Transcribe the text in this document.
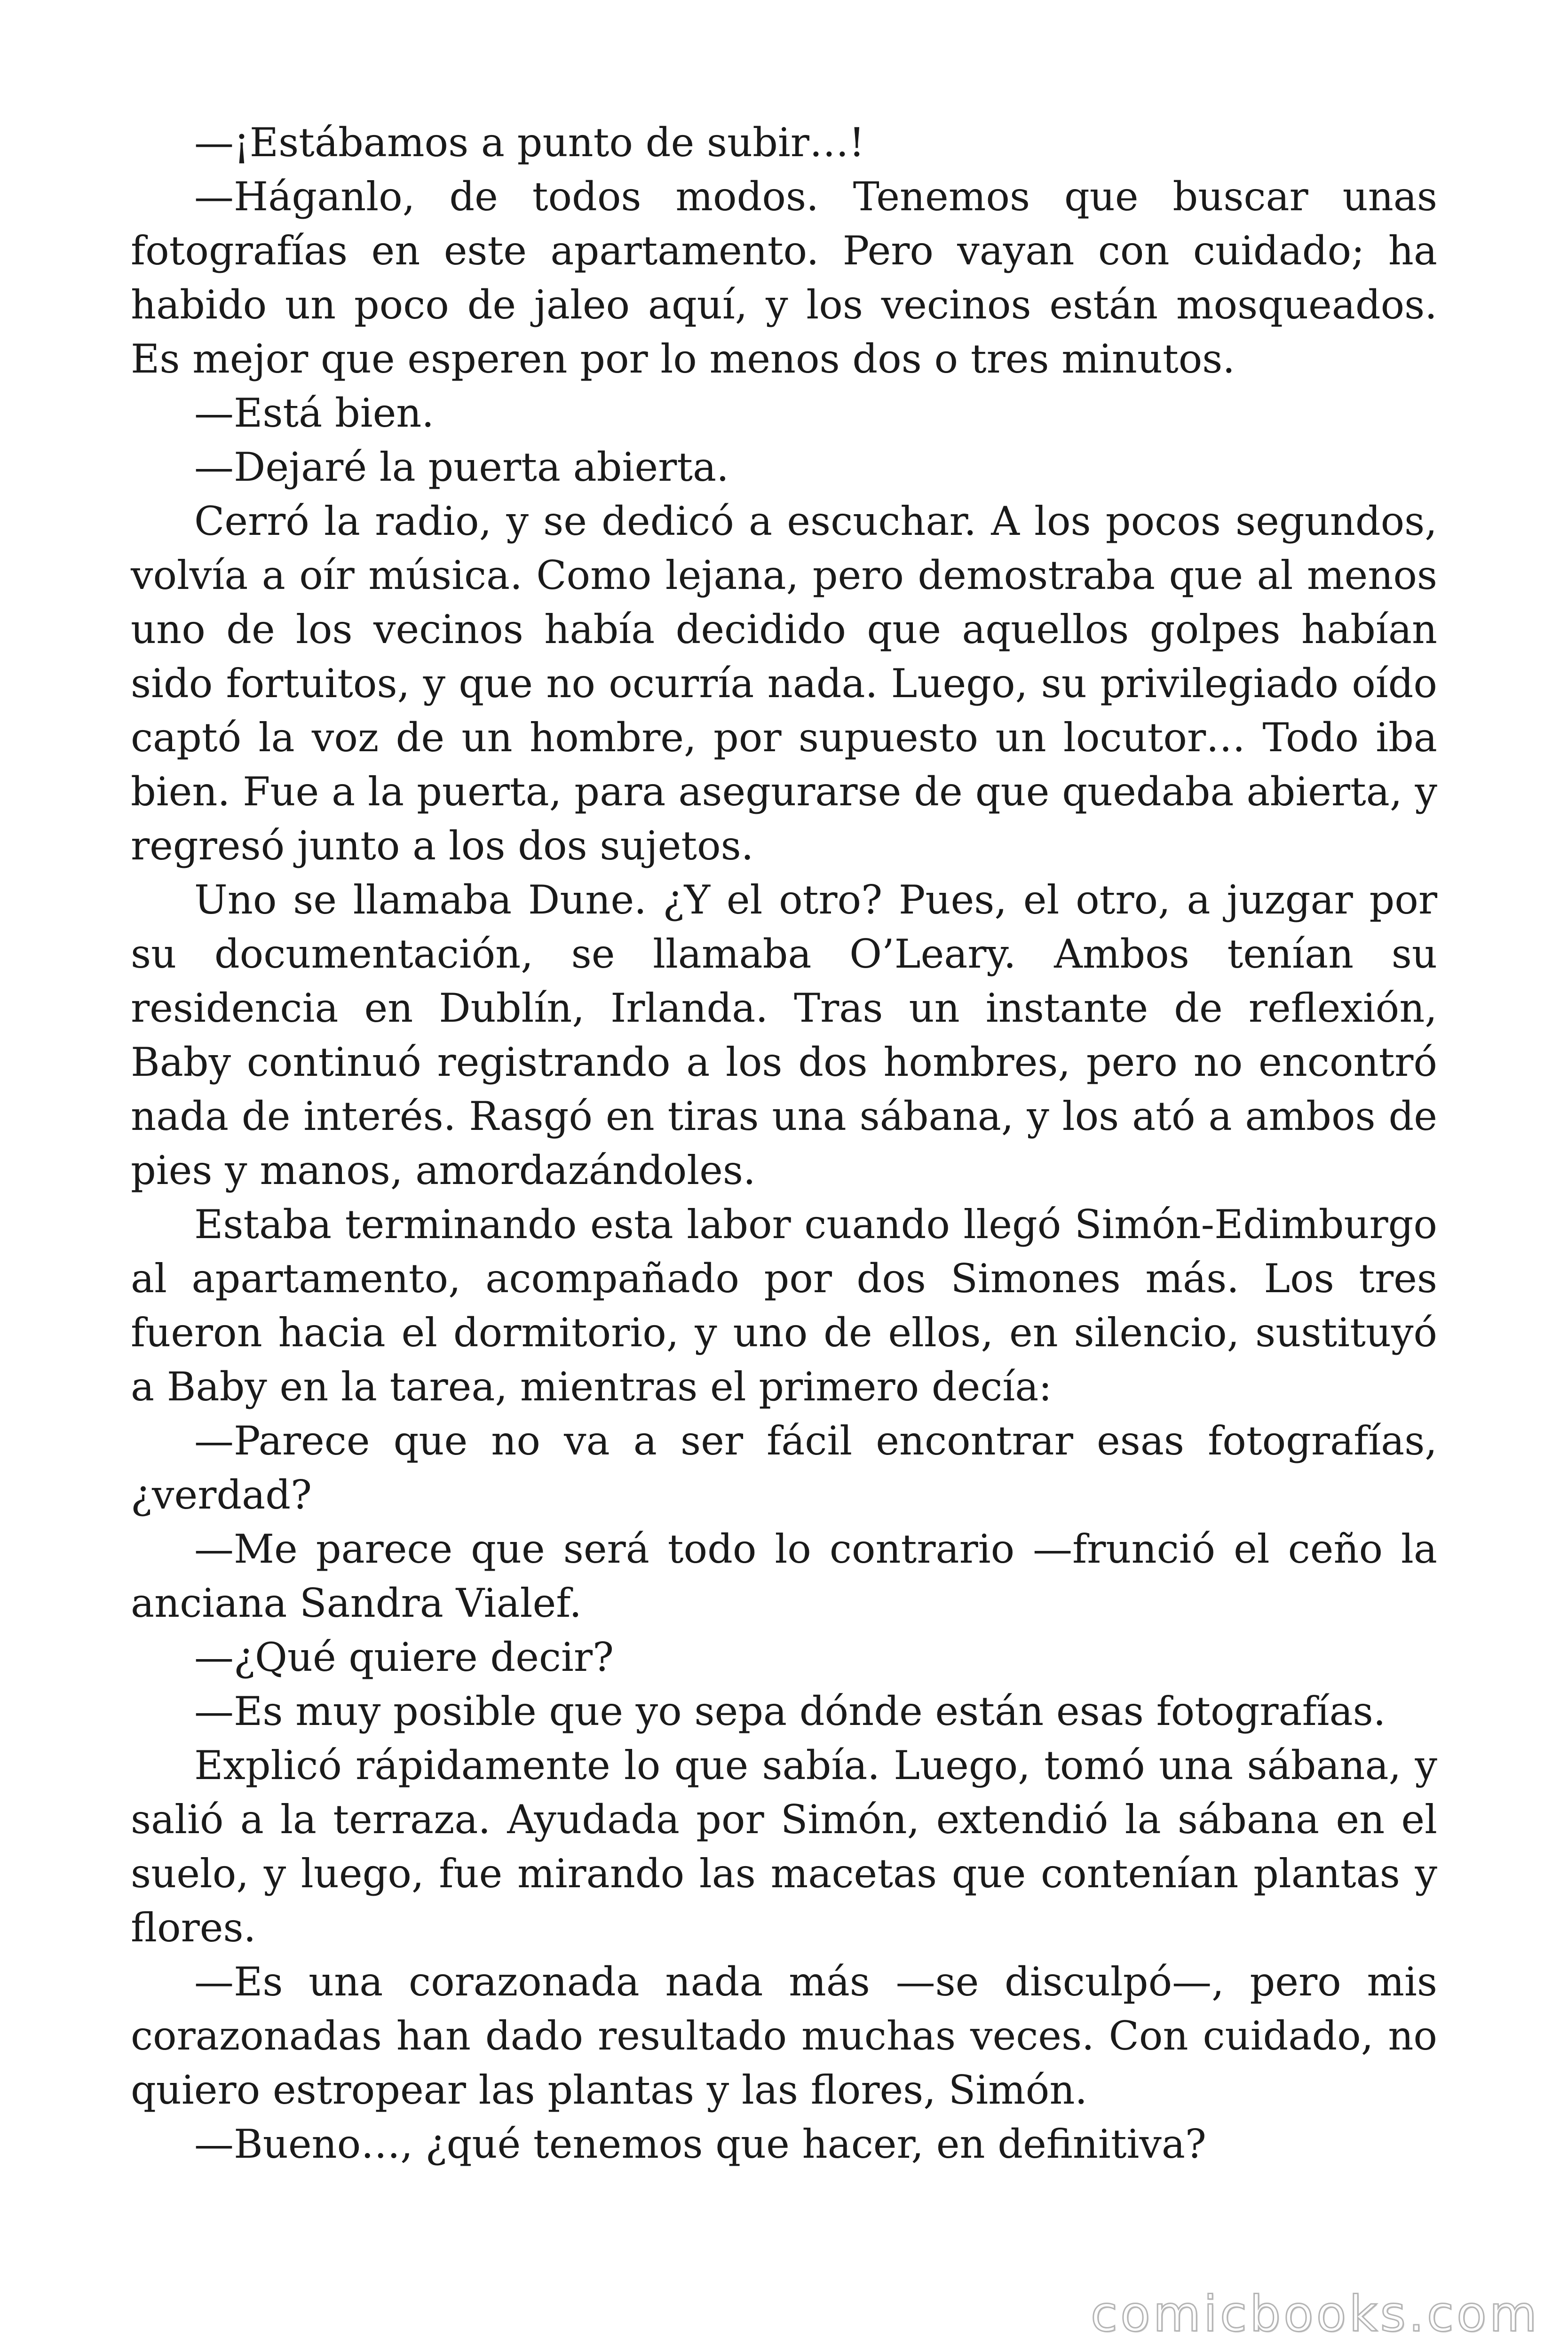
—¡Estábamos a punto de subir…!

—Háganlo, de todos modos. Tenemos que buscar unas fotografías en este apartamento. Pero vayan con cuidado; ha habido un poco de jaleo aquí, y los vecinos están mosqueados. Es mejor que esperen por lo menos dos o tres minutos.

—Está bien.

—Dejaré la puerta abierta.

Cerró la radio, y se dedicó a escuchar. A los pocos segundos, volvía a oír música. Como lejana, pero demostraba que al menos uno de los vecinos había decidido que aquellos golpes habían sido fortuitos, y que no ocurría nada. Luego, su privilegiado oído captó la voz de un hombre, por supuesto un locutor… Todo iba bien. Fue a la puerta, para asegurarse de que quedaba abierta, y regresó junto a los dos sujetos.

Uno se llamaba Dune. ¿Y el otro? Pues, el otro, a juzgar por su documentación, se llamaba O’Leary. Ambos tenían su residencia en Dublín, Irlanda. Tras un instante de reflexión, Baby continuó registrando a los dos hombres, pero no encontró nada de interés. Rasgó en tiras una sábana, y los ató a ambos de pies y manos, amordazándoles.

Estaba terminando esta labor cuando llegó Simón-Edimburgo al apartamento, acompañado por dos Simones más. Los tres fueron hacia el dormitorio, y uno de ellos, en silencio, sustituyó a Baby en la tarea, mientras el primero decía:

—Parece que no va a ser fácil encontrar esas fotografías, ¿verdad?

—Me parece que será todo lo contrario —frunció el ceño la anciana Sandra Vialef.

—¿Qué quiere decir?

—Es muy posible que yo sepa dónde están esas fotografías.

Explicó rápidamente lo que sabía. Luego, tomó una sábana, y salió a la terraza. Ayudada por Simón, extendió la sábana en el suelo, y luego, fue mirando las macetas que contenían plantas y flores.

—Es una corazonada nada más —se disculpó—, pero mis corazonadas han dado resultado muchas veces. Con cuidado, no quiero estropear las plantas y las flores, Simón.

—Bueno…, ¿qué tenemos que hacer, en definitiva?

comicbooks.com
